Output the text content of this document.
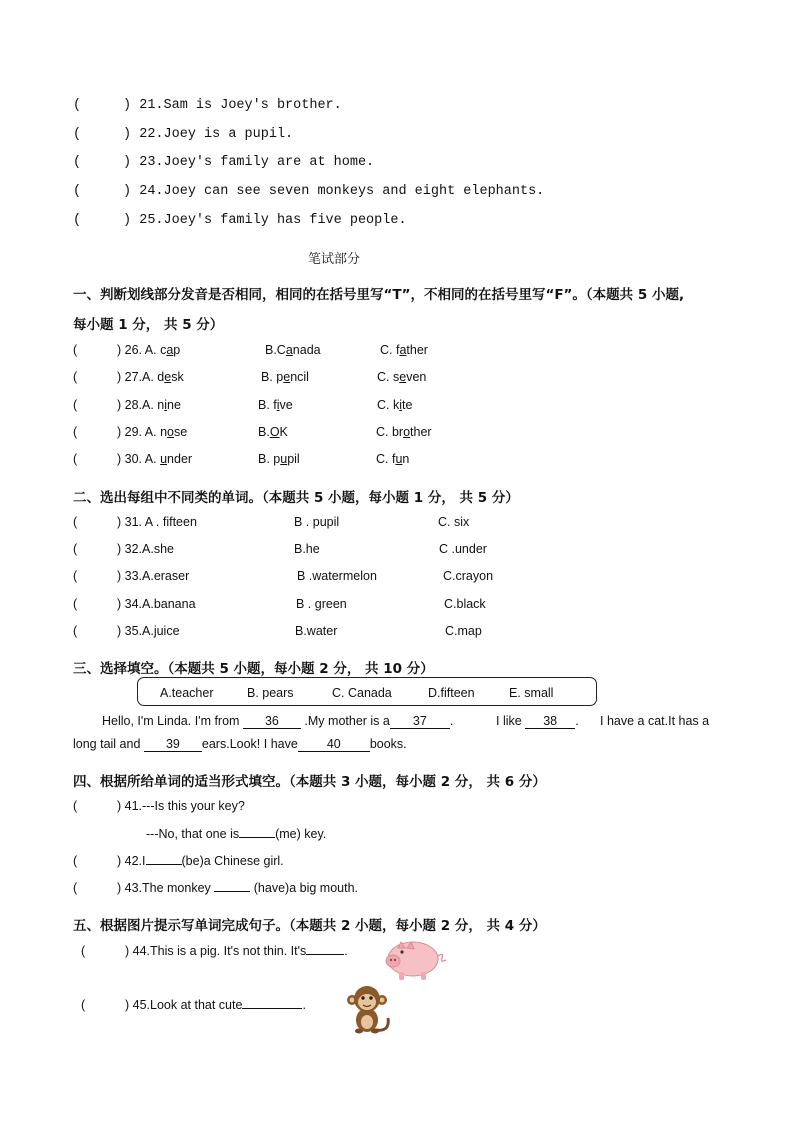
(	) 21.Sam is Joey's brother.
(	) 22.Joey is a pupil.
(	) 23.Joey's family are at home.
(	) 24.Joey can see seven monkeys and eight elephants.
(	) 25.Joey's family has five people.
笔试部分
一、判断划线部分发音是否相同，相同的在括号里写“T”，不相同的在括号里写“F”。（本题共 5 小题,
每小题 1 分， 共 5 分）
(	) 26. A. cap	B.Canada	C. father
(	) 27.A. desk	B. pencil	C. seven
(	) 28.A. nine	B. five	C. kite
(	) 29. A. nose	B.OK	C. brother
(	) 30. A. under	B. pupil	C. fun
二、选出每组中不同类的单词。（本题共 5 小题，每小题 1 分， 共 5 分）
(	) 31. A . fifteen	B . pupil	C. six
(	) 32.A.she	B.he	C .under
(	) 33.A.eraser	B .watermelon	C.crayon
(	) 34.A.banana	B . green	C.black
(	) 35.A.juice	B.water	C.map
三、选择填空。（本题共 5 小题，每小题 2 分， 共 10 分）
A.teacher	B. pears	C. Canada	D.fifteen	E. small
Hello, I'm Linda. I'm from 36 .My mother is a 37 .	I like 38 . I have a cat.It has a
long tail and 39 ears.Look! I have 40 books.
四、根据所给单词的适当形式填空。（本题共 3 小题，每小题 2 分， 共 6 分）
(	) 41.---Is this your key?
---No, that one is	(me) key.
(	) 42.I	(be)a Chinese girl.
(	) 43.The monkey	(have)a big mouth.
五、根据图片提示写单词完成句子。（本题共 2 小题，每小题 2 分， 共 4 分）
(	) 44.This is a pig. It's not thin. It's	.
(	) 45.Look at that cute	.
